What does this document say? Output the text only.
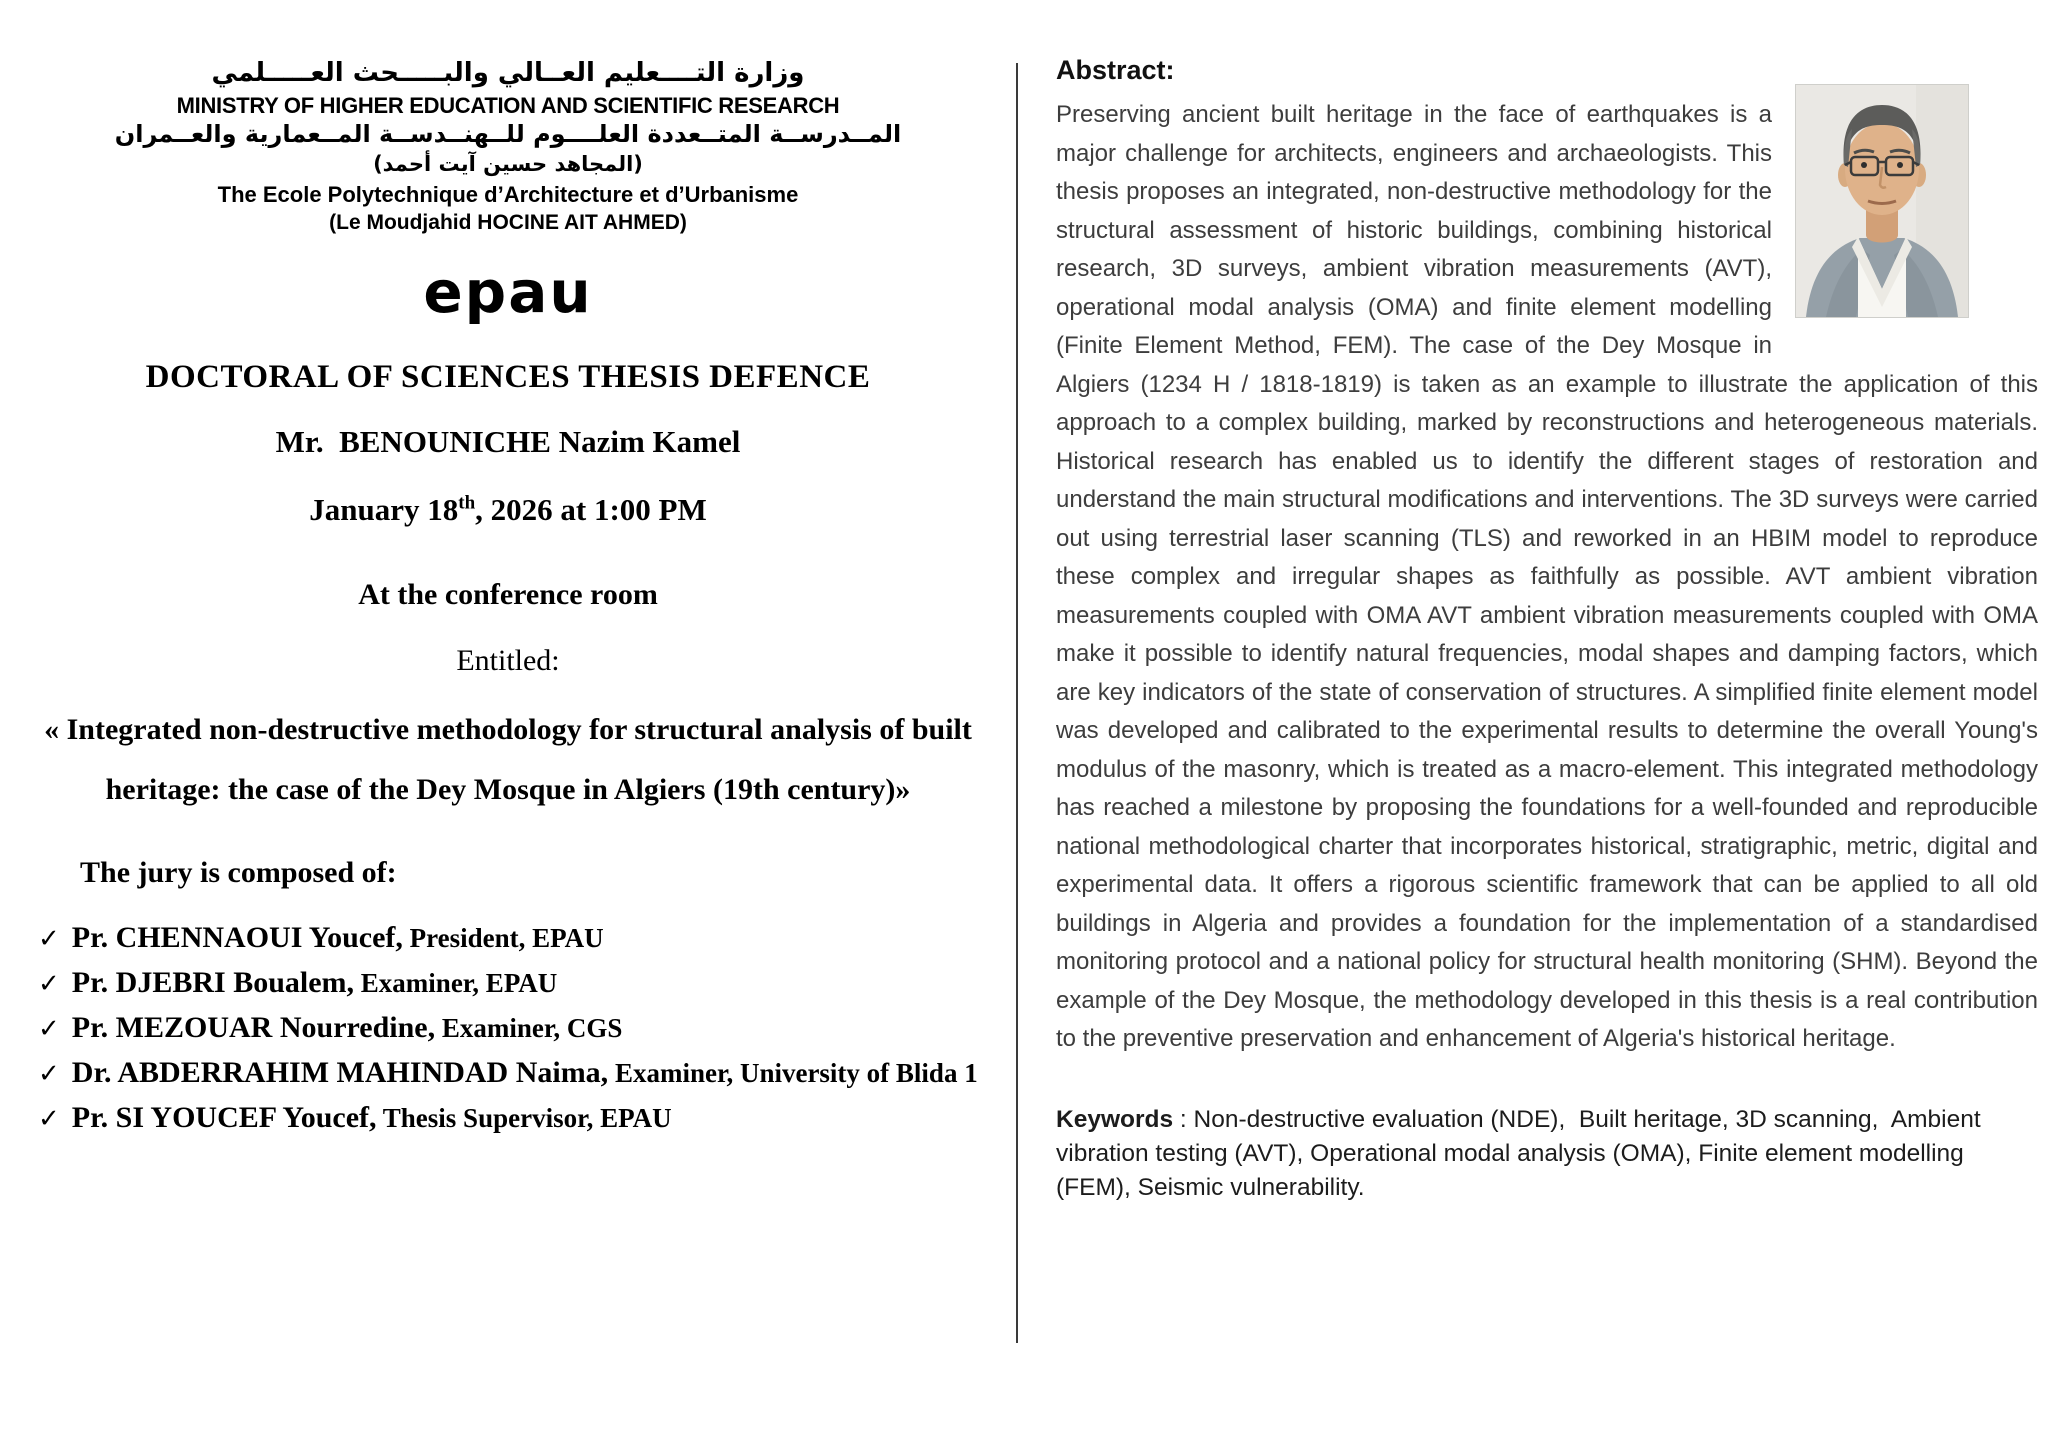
وزارة التــــعليم العــالي والبـــــحث العـــــلمي
MINISTRY OF HIGHER EDUCATION AND SCIENTIFIC RESEARCH
المــدرســة المتــعددة العلــــوم للــهنــدســة المــعمارية والعــمران
(المجاهد حسين آيت أحمد)
The Ecole Polytechnique d’Architecture et d’Urbanisme
(Le Moudjahid HOCINE AIT AHMED)
epau
DOCTORAL OF SCIENCES THESIS DEFENCE
Mr.  BENOUNICHE Nazim Kamel
January 18th, 2026 at 1:00 PM
At the conference room
Entitled:
« Integrated non-destructive methodology for structural analysis of built heritage: the case of the Dey Mosque in Algiers (19th century)»
The jury is composed of:
✓ Pr. CHENNAOUI Youcef, President, EPAU
✓ Pr. DJEBRI Boualem, Examiner, EPAU
✓ Pr. MEZOUAR Nourredine, Examiner, CGS
✓ Dr. ABDERRAHIM MAHINDAD Naima, Examiner, University of Blida 1
✓ Pr. SI YOUCEF Youcef, Thesis Supervisor, EPAU
Abstract:

Preserving ancient built heritage in the face of earthquakes is a major challenge for architects, engineers and archaeologists. This thesis proposes an integrated, non-destructive methodology for the structural assessment of historic buildings, combining historical research, 3D surveys, ambient vibration measurements (AVT), operational modal analysis (OMA) and finite element modelling (Finite Element Method, FEM). The case of the Dey Mosque in Algiers (1234 H / 1818-1819) is taken as an example to illustrate the application of this approach to a complex building, marked by reconstructions and heterogeneous materials. Historical research has enabled us to identify the different stages of restoration and understand the main structural modifications and interventions. The 3D surveys were carried out using terrestrial laser scanning (TLS) and reworked in an HBIM model to reproduce these complex and irregular shapes as faithfully as possible. AVT ambient vibration measurements coupled with OMA AVT ambient vibration measurements coupled with OMA make it possible to identify natural frequencies, modal shapes and damping factors, which are key indicators of the state of conservation of structures. A simplified finite element model was developed and calibrated to the experimental results to determine the overall Young's modulus of the masonry, which is treated as a macro-element. This integrated methodology has reached a milestone by proposing the foundations for a well-founded and reproducible national methodological charter that incorporates historical, stratigraphic, metric, digital and experimental data. It offers a rigorous scientific framework that can be applied to all old buildings in Algeria and provides a foundation for the implementation of a standardised monitoring protocol and a national policy for structural health monitoring (SHM). Beyond the example of the Dey Mosque, the methodology developed in this thesis is a real contribution to the preventive preservation and enhancement of Algeria's historical heritage.

Keywords : Non-destructive evaluation (NDE),  Built heritage, 3D scanning,  Ambient vibration testing (AVT), Operational modal analysis (OMA), Finite element modelling (FEM), Seismic vulnerability.
